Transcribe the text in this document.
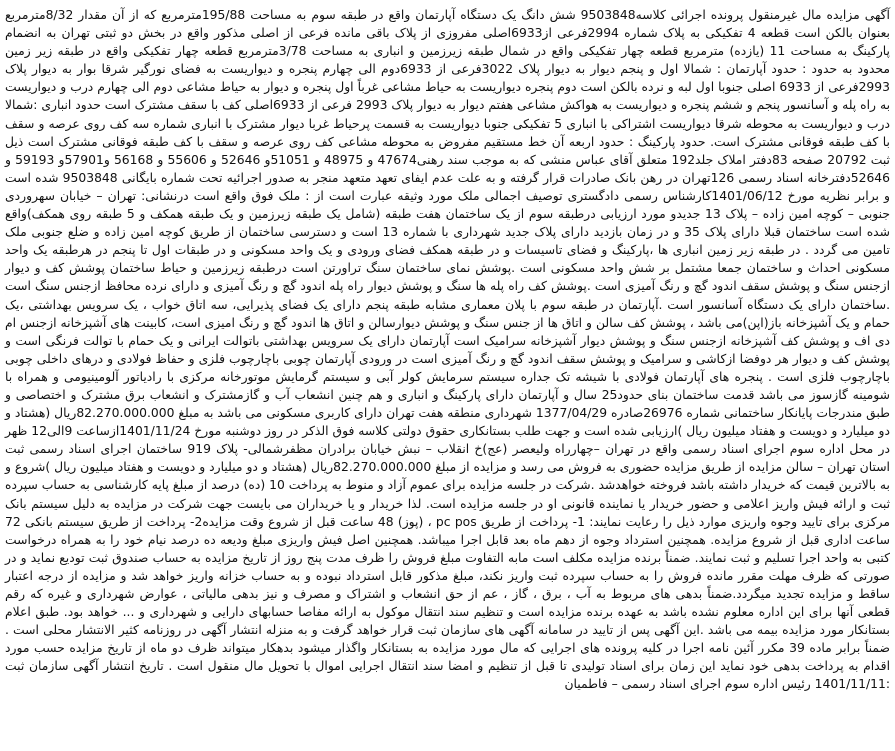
آگهی مزایده مال غیرمنقول پرونده اجرائی کلاسه9503848 شش دانگ یک دستگاه آپارتمان واقع در طبقه سوم به مساحت 195/88مترمربع که از آن مقدار 8/32مترمربع بعنوان بالکن است قطعه 4 تفکیکی به پلاک شماره 2994فرعی از6933اصلی مفروزی از پلاک باقی مانده فرعی از اصلی مذکور واقع در بخش دو ثبتی تهران به انضمام پارکینگ به مساحت 11 (یازده) مترمربع قطعه چهار تفکیکی واقع در شمال طبقه زیرزمین و انباری به مساحت 3/78مترمربع قطعه چهار تفکیکی واقع در طبقه زیر زمین محدود به حدود : حدود آپارتمان : شمالا اول و پنجم دیوار به دیوار پلاک 3022فرعی از 6933دوم الی چهارم پنجره و دیواریست به فضای نورگیر شرقا بوار به دیوار پلاک 2993فرعی از 6933 اصلی جنوبا اول لبه و نرده بالکن است دوم پنجره دیواریست به حیاط مشاعی غرباً اول پنجره و دیوار به حیاط مشاعی دوم الی چهارم درب و دیواریست به راه پله و آسانسور پنجم و ششم پنجره و دیواریست به هواکش مشاعی هفتم دیوار به دیوار پلاک 2993 فرعی از 6933اصلی کف با سقف مشترک است حدود انباری :شمالا درب و دیواریست به محوطه شرقا دیواریست اشتراکی با انباری 5 تفکیکی جنوبا دیواریست به قسمت پرحیاط غربا دیوار مشترک با انباری شماره سه کف روی عرصه و سقف با کف طبقه فوقانی مشترک است. حدود پارکینگ : حدود اربعه آن خط مستقیم مفروض به محوطه مشاعی کف روی عرصه و سقف با کف طبقه فوقانی مشترک است ذیل ثبت 20792 صفحه 83دفتر املاک جلد192 متعلق آقای عباس منشی که به موجب سند رهنی47674 و 48975 و 51051و 52646 و 55606 و 56168 و57901و 59193 و 52646دفترخانه اسناد رسمی 126تهران در رهن بانک صادرات قرار گرفته و به علت عدم ایفای تعهد متعهد منجر به صدور اجرائیه تحت شماره بایگانی 9503848 شده است و برابر نظریه مورخ 1401/06/12کارشناس رسمی دادگستری توصیف اجمالی ملک مورد وثیقه عبارت است از : ملک فوق واقع است درنشانی: تهران – خیابان سهروردی جنوبی – کوچه امین زاده – پلاک 13 جدیدو مورد ارزیابی درطبقه سوم از یک ساختمان هفت طبقه (شامل یک طبقه زیرزمین و یک طبقه همکف و 5 طبقه روی همکف)واقع شده است ساختمان قبلا دارای پلاک 35 و در زمان بازدید دارای پلاک جدید شهرداری با شماره 13 است و دسترسی ساختمان از طریق کوچه امین زاده و ضلع جنوبی ملک تامین می گردد . در طبقه زیر زمین انباری ها ،پارکینگ و فضای تاسیسات و در طبقه همکف فضای ورودی و یک واحد مسکونی و در طبقات اول تا پنجم در هرطبقه یک واحد مسکونی احداث و ساختمان جمعا مشتمل بر شش واحد مسکونی است .پوشش نمای ساختمان سنگ تراورتن است درطبقه زیرزمین و حیاط ساختمان پوشش کف و دیوار ازجنس سنگ و پوشش سقف اندود گچ و رنگ آمیزی است .پوشش کف راه پله ها سنگ و پوشش دیوار راه پله اندود گچ و رنگ آمیزی و دارای نرده محافظ ازجنس سنگ است .ساختمان دارای یک دستگاه آسانسور است .آپارتمان در طبقه سوم با پلان معماری مشابه طبقه پنجم دارای یک فضای پذیرایی، سه اتاق خواب ، یک سرویس بهداشتی ،یک حمام و یک آشپزخانه باز(اپن)می باشد ، پوشش کف سالن و اتاق ها از جنس سنگ و پوشش دیوارسالن و اتاق ها اندود گچ و رنگ امیزی است، کابینت های آشپزخانه ازجنس ام دی اف و پوشش کف آشپزخانه ازجنس سنگ و پوشش دیوار آشپزخانه سرامیک است آپارتمان دارای یک سرویس بهداشتی باتوالت ایرانی و یک حمام با توالت فرنگی است و پوشش کف و دیوار هر دوفضا ازکاشی و سرامیک و پوشش سقف اندود گچ و رنگ آمیزی است در ورودی آپارتمان چوبی باچارچوب فلزی و حفاظ فولادی و درهای داخلی چوبی باچارچوب فلزی است . پنجره های آپارتمان فولادی با شیشه تک جداره سیستم سرمایش کولر آبی و سیستم گرمایش موتورخانه مرکزی با رادیاتور آلومینیومی و همراه با شومینه گازسوز می باشد قدمت ساختمان بنای حدود25 سال و آپارتمان دارای پارکینگ و انباری و هم چنین انشعاب آب و گازمشترک و انشعاب برق مشترک و اختصاصی و طبق مندرجات پایانکار ساختمانی شماره 26976صادره 1377/04/29 شهرداری منطقه هفت تهران دارای کاربری مسکونی می باشد به مبلغ 82.270.000.000ریال (هشتاد و دو میلیارد و دویست و هفتاد میلیون ریال )ارزیابی شده است و جهت طلب بستانکاری حقوق دولتی کلاسه فوق الذکر در روز دوشنبه مورخ 1401/11/24ازساعت 9الی12 ظهر در محل اداره سوم اجرای اسناد رسمی واقع در تهران –چهارراه ولیعصر (عج)خ انقلاب – نبش خیابان برادران مظفرشمالی- پلاک 919 ساختمان اجرای اسناد رسمی ثبت استان تهران – سالن مزایده از طریق مزایده حضوری به فروش می رسد و مزایده از مبلغ 82.270.000.000ریال (هشتاد و دو میلیارد و دویست و هفتاد میلیون ریال )شروع و به بالاترین قیمت که خریدار داشته باشد فروخته خواهدشد .شرکت در جلسه مزایده برای عموم آزاد و منوط به پرداخت 10 (ده) درصد از مبلغ پایه کارشناسی به حساب سپرده ثبت و ارائه فیش واریز اعلامی و حضور خریدار یا نماینده قانونی او در جلسه مزایده است. لذا خریدار و یا خریداران می بایست جهت شرکت در مزایده به دلیل سیستم بانک مرکزی برای تایید وجوه واریزی موارد ذیل را رعایت نمایند: 1- پرداخت از طریق pc pos ، (پوز) 48 ساعت قبل از شروع وقت مزایده2- پرداخت از طریق سیستم بانکی 72 ساعت اداری قبل از شروع مزایده. همچنین استرداد وجوه از دهم ماه بعد قابل اجرا میباشد. همچنین اصل فیش واریزی مبلغ ودیعه ده درصد نیام خود را به همراه درخواست کتبی به واحد اجرا تسلیم و ثبت نمایند. ضمناً برنده مزایده مکلف است مابه التفاوت مبلغ فروش را ظرف مدت پنج روز از تاریخ مزایده به حساب صندوق ثبت تودیع نماید و در صورتی که ظرف مهلت مقرر مانده فروش را به حساب سپرده ثبت واریز نکند، مبلغ مذکور قابل استرداد نبوده و به حساب خزانه واریز خواهد شد و مزایده از درجه اعتبار ساقط و مزایده تجدید میگردد.ضمناً بدهی های مربوط به آب ، برق ، گاز ، عم از حق انشعاب و اشتراک و مصرف و نیز بدهی مالیاتی ، عوارض شهرداری و غیره که رقم قطعی آنها برای این اداره معلوم نشده باشد به عهده برنده مزایده است و تنظیم سند انتقال موکول به ارائه مفاصا حسابهای دارایی و شهرداری و ... خواهد بود. طبق اعلام بستانکار مورد مزایده بیمه می باشد .این آگهی پس از تایید در سامانه آگهی های سازمان ثبت قرار خواهد گرفت و به منزله انتشار آگهی در روزنامه کثیر الانتشار محلی است . ضمناً برابر ماده 39 مکرر آئین نامه اجرا در کلیه پرونده های اجرایی که مال مورد مزایده به بستانکار واگذار میشود بدهکار میتواند ظرف دو ماه از تاریخ مزایده حسب مورد اقدام به پرداخت بدهی خود نماید این زمان برای اسناد تولیدی تا قبل از تنظیم و امضا سند انتقال اجرایی اموال با تحویل مال منقول است . تاریخ انتشار آگهی سازمان ثبت :1401/11/11 رئیس اداره سوم اجرای اسناد رسمی – فاطمیان
